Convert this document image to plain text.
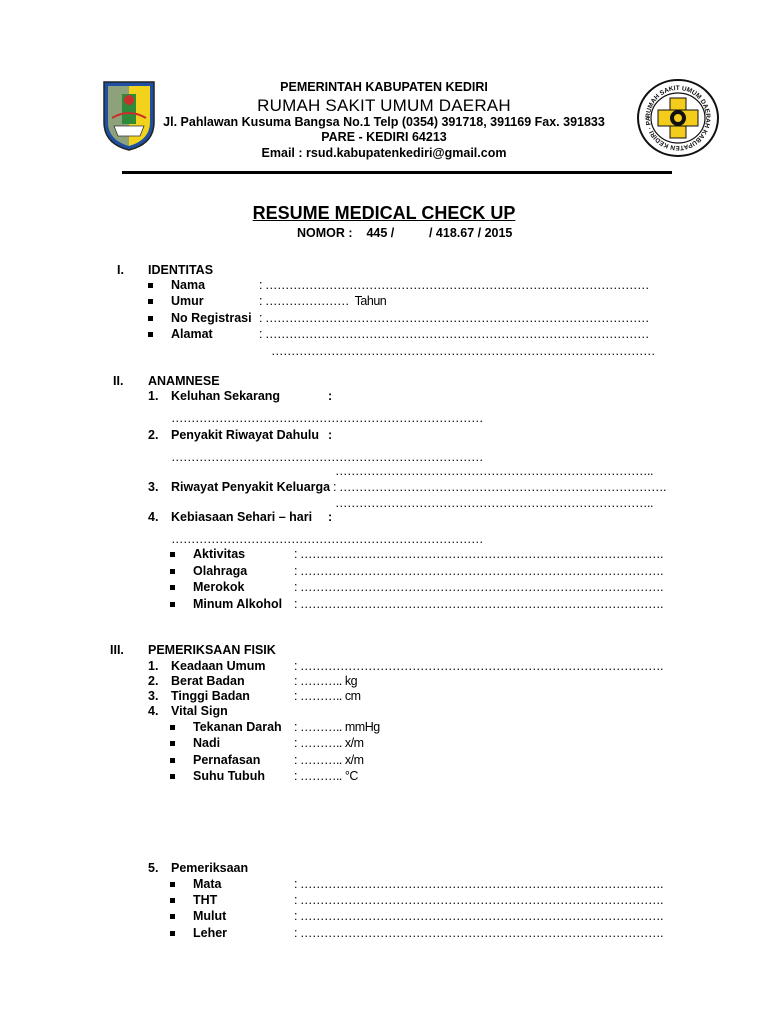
RUMAH SAKIT UMUM DAERAH KABUPATEN KEDIRI · PA
PEMERINTAH KABUPATEN KEDIRI
RUMAH SAKIT UMUM DAERAH
Jl. Pahlawan Kusuma Bangsa No.1 Telp (0354) 391718, 391169 Fax. 391833
PARE - KEDIRI 64213
Email : rsud.kabupatenkediri@gmail.com
RESUME MEDICAL CHECK UP
NOMOR :    445 /          / 418.67 / 2015
I. IDENTITAS
Nama	: ……………………………………………………………………………………
Umur	: …………………  Tahun
No Registrasi : ……………………………………………………………………………………
Alamat	: ……………………………………………………………………………………
……………………………………………………………………………………
II. ANAMNESE
1. Keluhan Sekarang	:
……………………………………………………………………
2. Penyakit Riwayat Dahulu :
……………………………………………………………………
……………………………………………………………………..
3. Riwayat Penyakit Keluarga : ……………………………………………………………………….
……………………………………………………………………..
4. Kebiasaan Sehari – hari :
……………………………………………………………………
Aktivitas	: ……………………………………………………………………………….
Olahraga	: ……………………………………………………………………………….
Merokok	: ……………………………………………………………………………….
Minum Alkohol : ……………………………………………………………………………….
III. PEMERIKSAAN FISIK
1. Keadaan Umum : ……………………………………………………………………………….
2. Berat Badan	: ……….. kg
3. Tinggi Badan	: ……….. cm
4. Vital Sign
Tekanan Darah : ……….. mmHg
Nadi	: ……….. x/m
Pernafasan	: ……….. x/m
Suhu Tubuh : ……….. °C
5. Pemeriksaan
Mata	: ……………………………………………………………………………….
THT	: ……………………………………………………………………………….
Mulut	: ……………………………………………………………………………….
Leher	: ……………………………………………………………………………….
